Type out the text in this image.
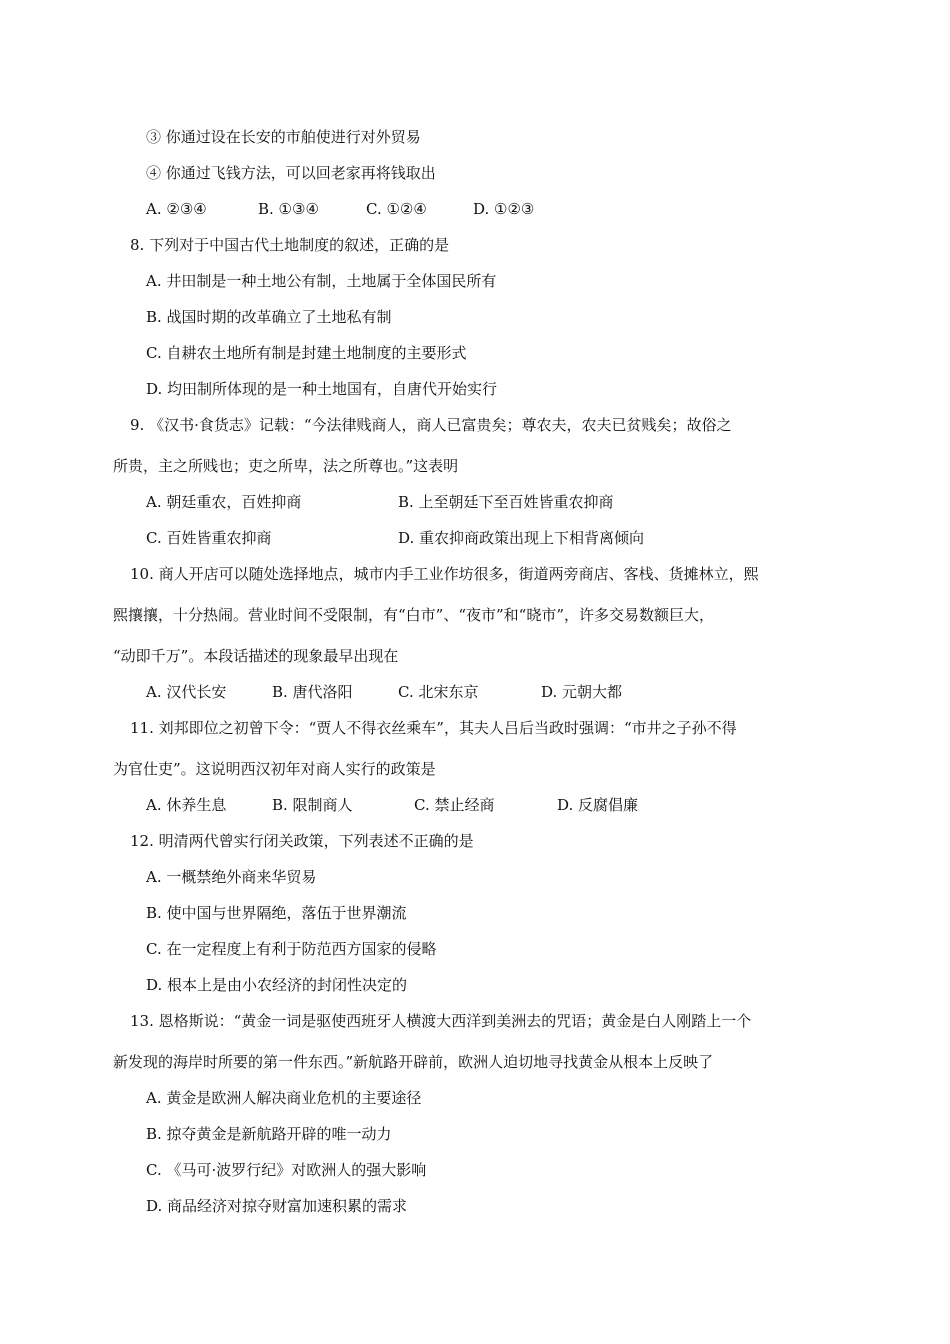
③ 你通过设在长安的市舶使进行对外贸易
④ 你通过飞钱方法，可以回老家再将钱取出
A. ②③④	B. ①③④	C. ①②④	D. ①②③
8. 下列对于中国古代土地制度的叙述，正确的是
A. 井田制是一种土地公有制，土地属于全体国民所有
B. 战国时期的改革确立了土地私有制
C. 自耕农土地所有制是封建土地制度的主要形式
D. 均田制所体现的是一种土地国有，自唐代开始实行
9. 《汉书·食货志》记载：“今法律贱商人，商人已富贵矣；尊农夫，农夫已贫贱矣；故俗之
所贵，主之所贱也；吏之所卑，法之所尊也。”这表明
A. 朝廷重农，百姓抑商	B. 上至朝廷下至百姓皆重农抑商
C. 百姓皆重农抑商	D. 重农抑商政策出现上下相背离倾向
10. 商人开店可以随处选择地点，城市内手工业作坊很多，街道两旁商店、客栈、货摊林立，熙
熙攘攘，十分热闹。营业时间不受限制，有“白市”、“夜市”和“晓市”，许多交易数额巨大，
“动即千万”。本段话描述的现象最早出现在
A. 汉代长安	B. 唐代洛阳	C. 北宋东京	D. 元朝大都
11. 刘邦即位之初曾下令：“贾人不得衣丝乘车”，其夫人吕后当政时强调：“市井之子孙不得
为官仕吏”。这说明西汉初年对商人实行的政策是
A. 休养生息	B. 限制商人	C. 禁止经商	D. 反腐倡廉
12. 明清两代曾实行闭关政策，下列表述不正确的是
A. 一概禁绝外商来华贸易
B. 使中国与世界隔绝，落伍于世界潮流
C. 在一定程度上有利于防范西方国家的侵略
D. 根本上是由小农经济的封闭性决定的
13. 恩格斯说：“黄金一词是驱使西班牙人横渡大西洋到美洲去的咒语；黄金是白人刚踏上一个
新发现的海岸时所要的第一件东西。”新航路开辟前，欧洲人迫切地寻找黄金从根本上反映了
A. 黄金是欧洲人解决商业危机的主要途径
B. 掠夺黄金是新航路开辟的唯一动力
C. 《马可·波罗行纪》对欧洲人的强大影响
D. 商品经济对掠夺财富加速积累的需求
